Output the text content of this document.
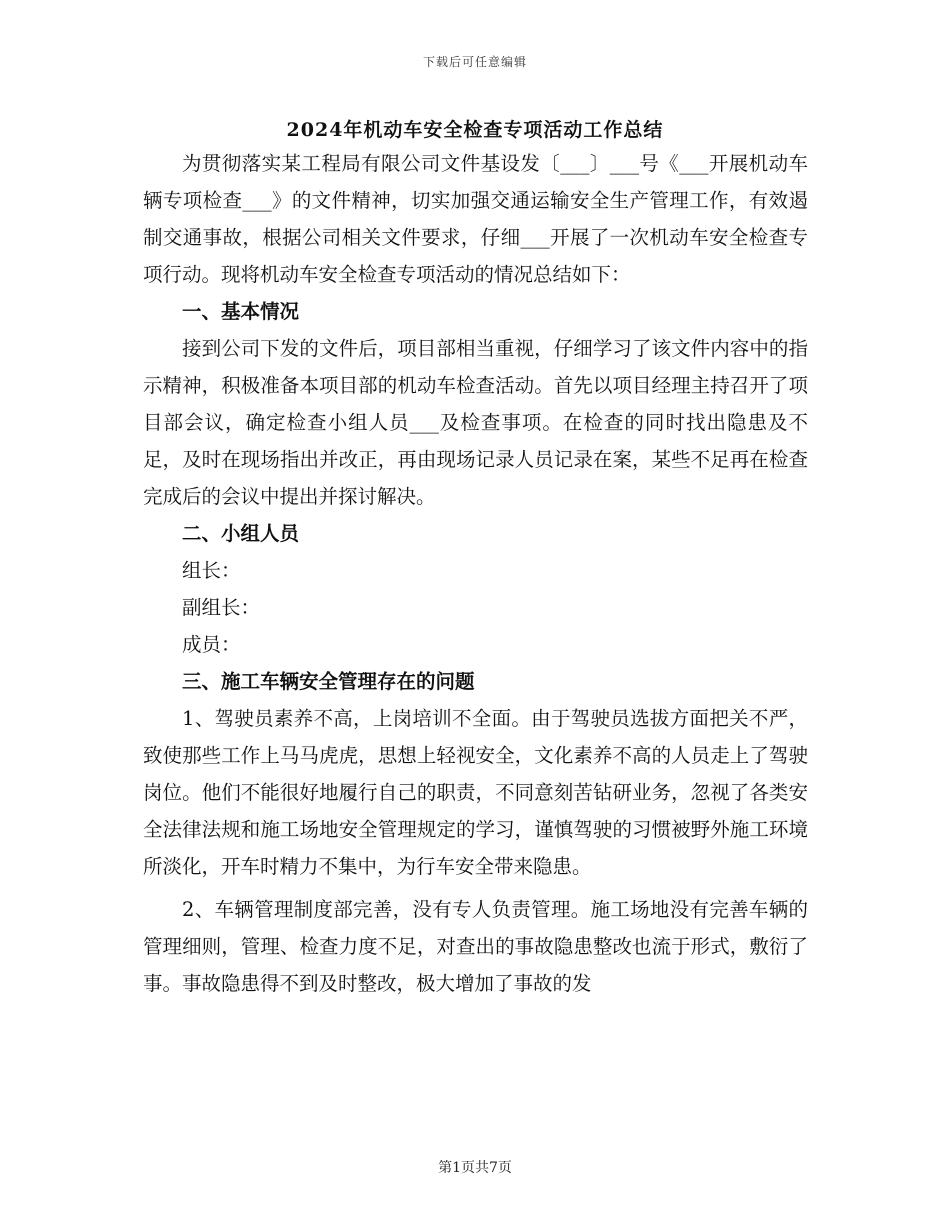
下载后可任意编辑
2024年机动车安全检查专项活动工作总结

为贯彻落实某工程局有限公司文件基设发〔___〕___号《___开展机动车辆专项检查___》的文件精神，切实加强交通运输安全生产管理工作，有效遏制交通事故，根据公司相关文件要求，仔细___开展了一次机动车安全检查专项行动。现将机动车安全检查专项活动的情况总结如下：

一、基本情况

接到公司下发的文件后，项目部相当重视，仔细学习了该文件内容中的指示精神，积极准备本项目部的机动车检查活动。首先以项目经理主持召开了项目部会议，确定检查小组人员___及检查事项。在检查的同时找出隐患及不足，及时在现场指出并改正，再由现场记录人员记录在案，某些不足再在检查完成后的会议中提出并探讨解决。

二、小组人员

组长：

副组长：

成员：

三、施工车辆安全管理存在的问题

1、驾驶员素养不高，上岗培训不全面。由于驾驶员选拔方面把关不严，致使那些工作上马马虎虎，思想上轻视安全，文化素养不高的人员走上了驾驶岗位。他们不能很好地履行自己的职责，不同意刻苦钻研业务，忽视了各类安全法律法规和施工场地安全管理规定的学习，谨慎驾驶的习惯被野外施工环境所淡化，开车时精力不集中，为行车安全带来隐患。

2、车辆管理制度部完善，没有专人负责管理。施工场地没有完善车辆的管理细则，管理、检查力度不足，对查出的事故隐患整改也流于形式，敷衍了事。事故隐患得不到及时整改，极大增加了事故的发

第1页共7页
